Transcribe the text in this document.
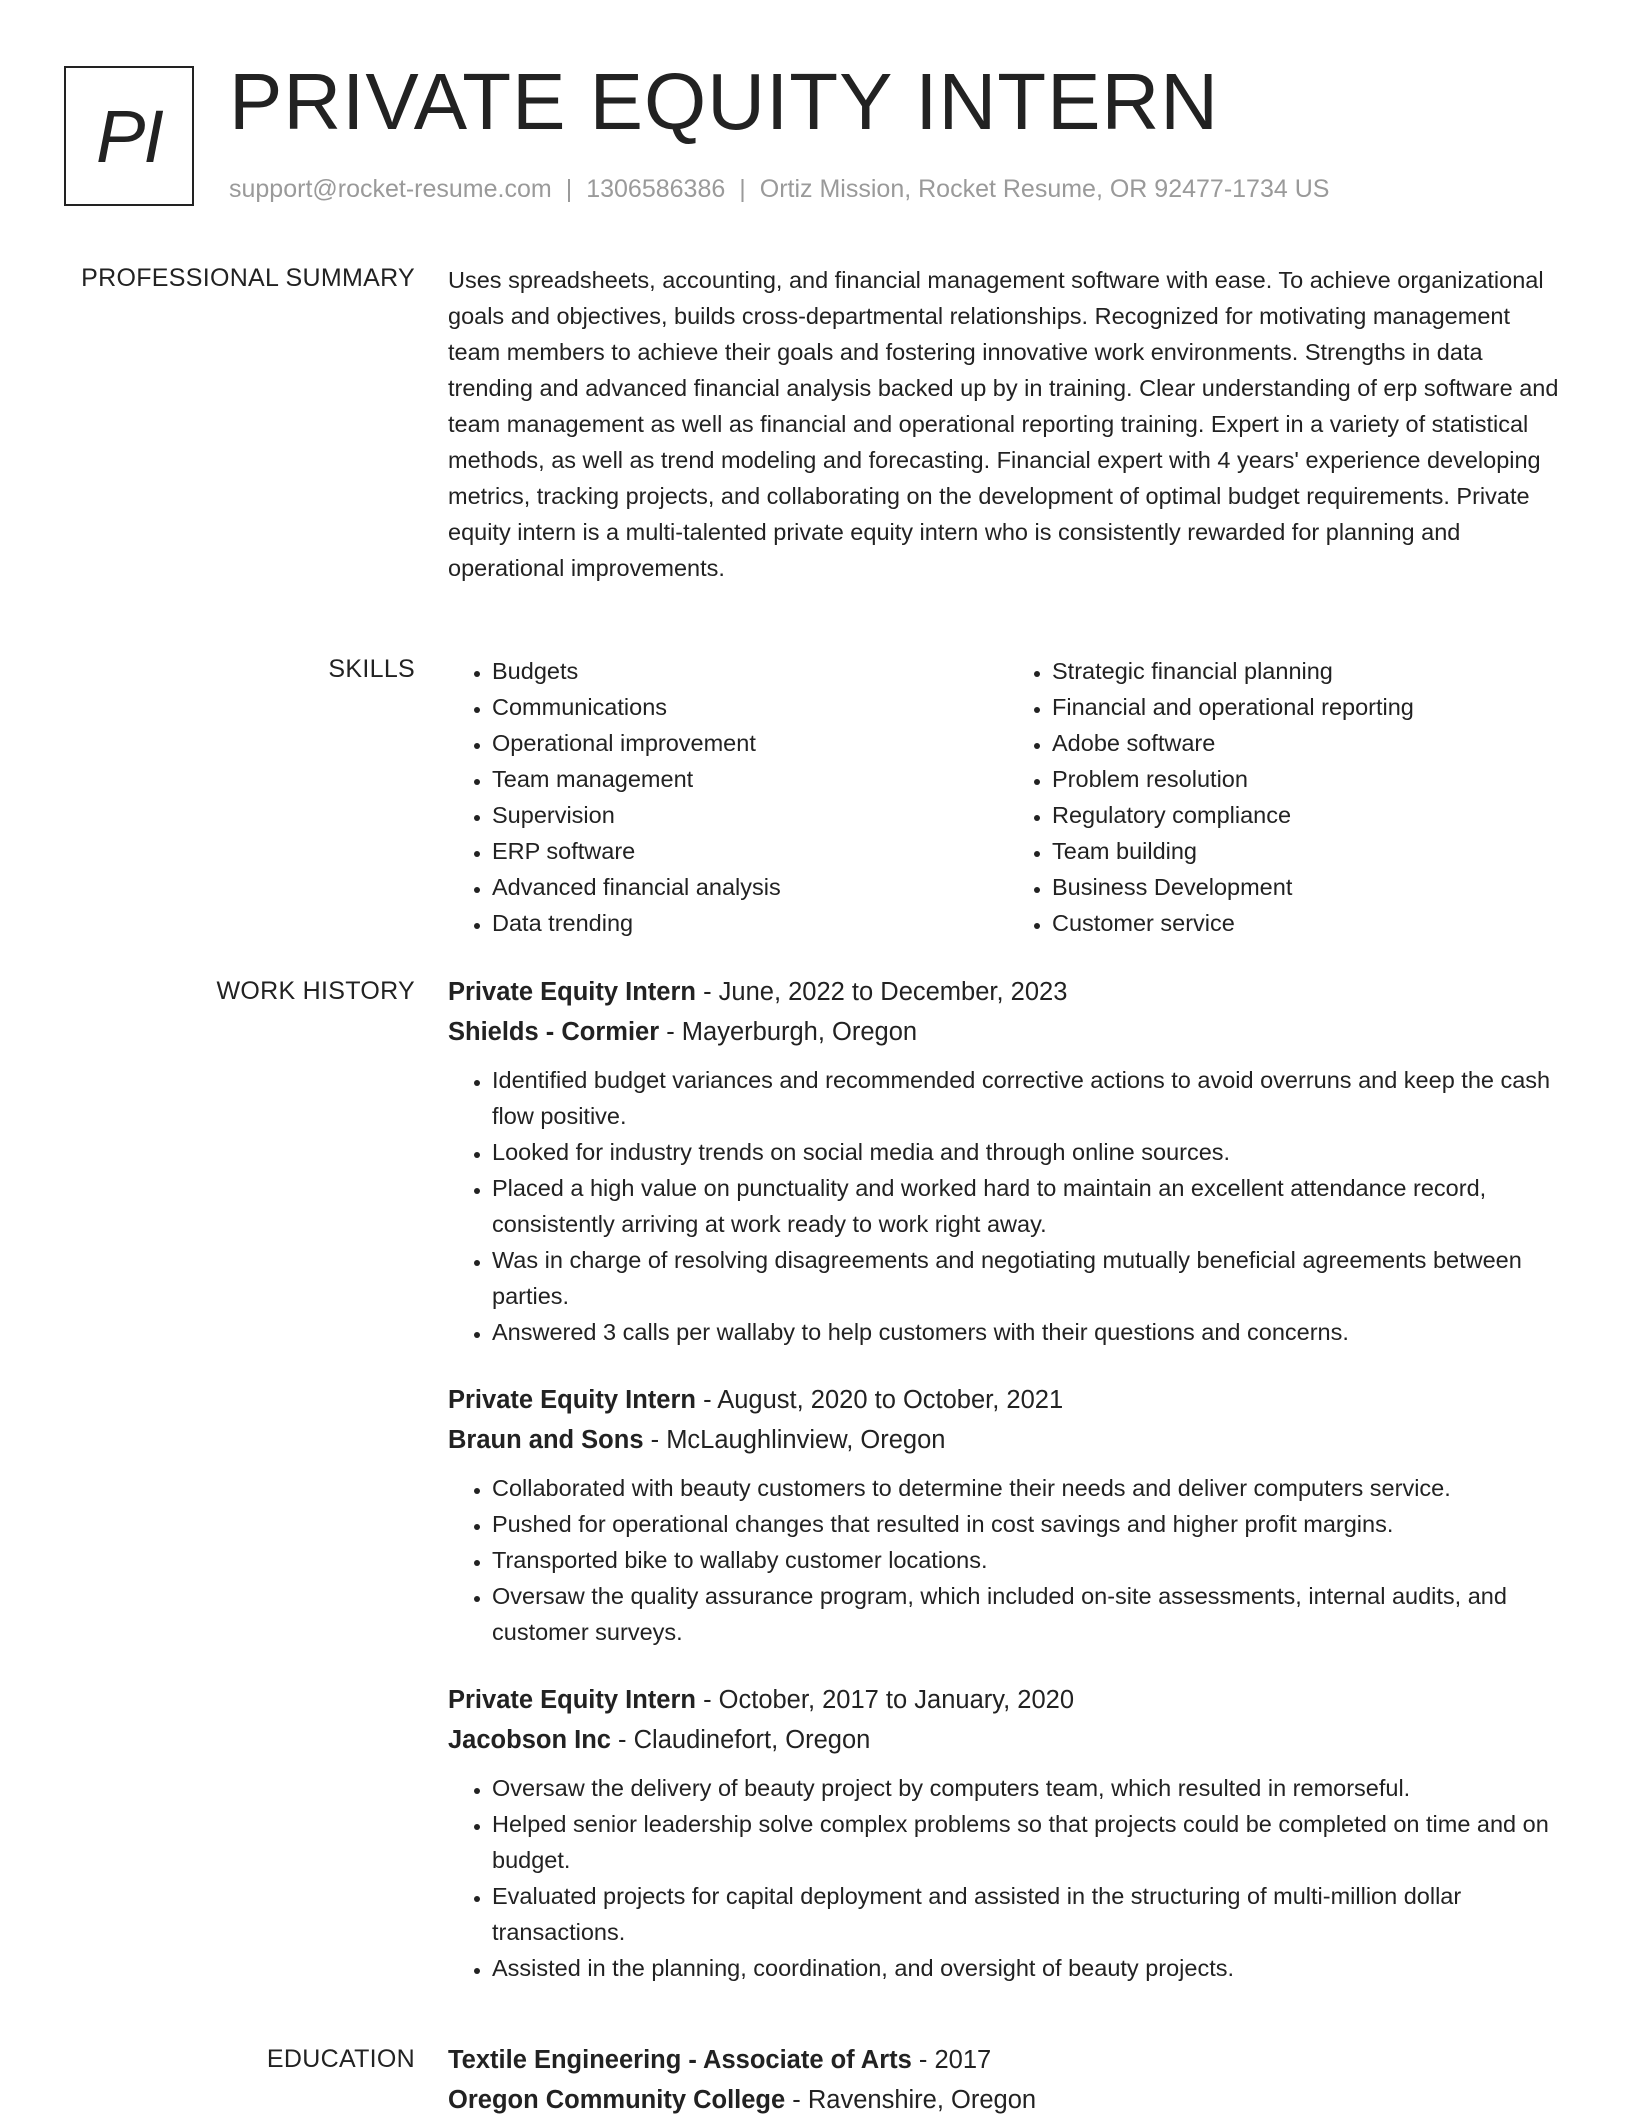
PI PRIVATE EQUITY INTERN
support@rocket-resume.com | 1306586386 | Ortiz Mission, Rocket Resume, OR 92477-1734 US
PROFESSIONAL SUMMARY Uses spreadsheets, accounting, and financial management software with ease. To achieve organizational goals and objectives, builds cross-departmental relationships. Recognized for motivating management team members to achieve their goals and fostering innovative work environments. Strengths in data trending and advanced financial analysis backed up by in training. Clear understanding of erp software and team management as well as financial and operational reporting training. Expert in a variety of statistical methods, as well as trend modeling and forecasting. Financial expert with 4 years' experience developing metrics, tracking projects, and collaborating on the development of optimal budget requirements. Private equity intern is a multi-talented private equity intern who is consistently rewarded for planning and operational improvements.

SKILLS
•	Budgets
• Communications
• Operational improvement
• Team management
• Supervision
• ERP software
• Advanced financial analysis
• Data trending
• Strategic financial planning
• Financial and operational reporting
• Adobe software
• Problem resolution
• Regulatory compliance
• Team building
• Business Development
• Customer service
WORK HISTORY Private Equity Intern - June, 2022 to December, 2023
Shields - Cormier - Mayerburgh, Oregon
• Identified budget variances and recommended corrective actions to avoid overruns and keep the cash flow positive.
• Looked for industry trends on social media and through online sources.
• Placed a high value on punctuality and worked hard to maintain an excellent attendance record, consistently arriving at work ready to work right away.
• Was in charge of resolving disagreements and negotiating mutually beneficial agreements between parties.
• Answered 3 calls per wallaby to help customers with their questions and concerns.
Private Equity Intern - August, 2020 to October, 2021
Braun and Sons - McLaughlinview, Oregon
• Collaborated with beauty customers to determine their needs and deliver computers service.
• Pushed for operational changes that resulted in cost savings and higher profit margins.
• Transported bike to wallaby customer locations.
• Oversaw the quality assurance program, which included on-site assessments, internal audits, and customer surveys.
Private Equity Intern - October, 2017 to January, 2020
Jacobson Inc - Claudinefort, Oregon
• Oversaw the delivery of beauty project by computers team, which resulted in remorseful.
• Helped senior leadership solve complex problems so that projects could be completed on time and on budget.
• Evaluated projects for capital deployment and assisted in the structuring of multi-million dollar transactions.
• Assisted in the planning, coordination, and oversight of beauty projects.
EDUCATION Textile Engineering - Associate of Arts - 2017
Oregon Community College - Ravenshire, Oregon
